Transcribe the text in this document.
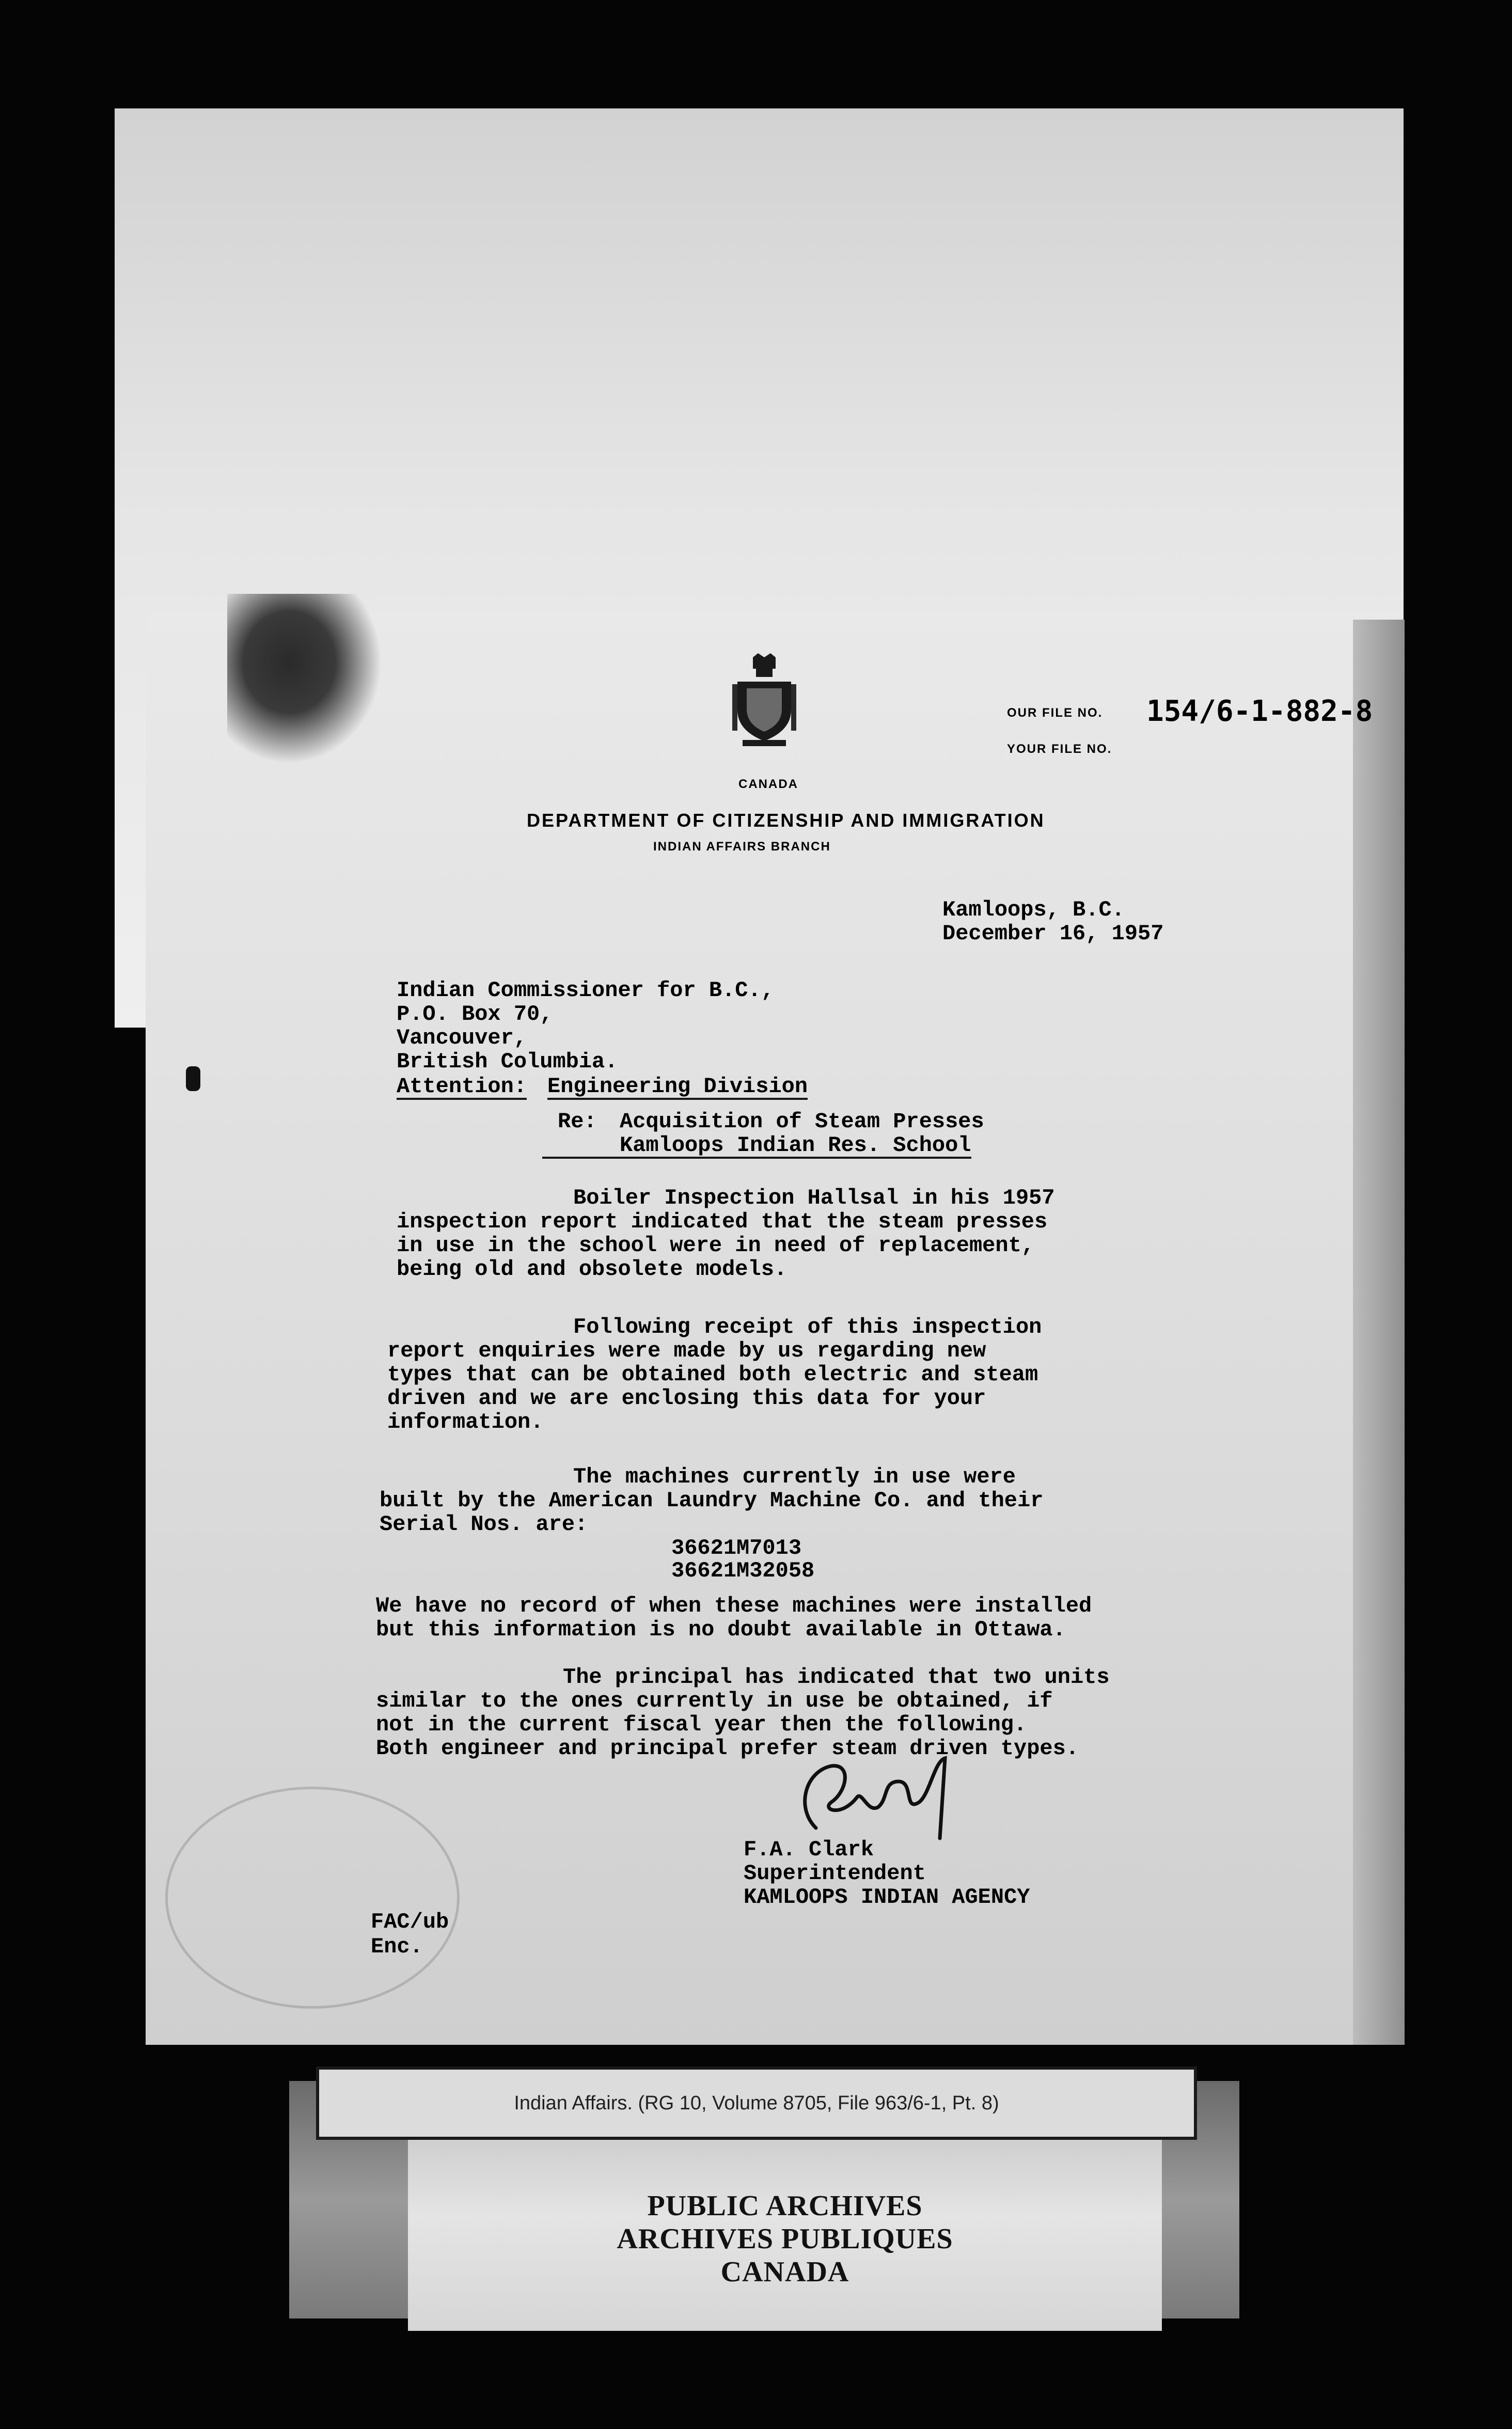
CANADA
DEPARTMENT OF CITIZENSHIP AND IMMIGRATION
INDIAN AFFAIRS BRANCH
OUR FILE NO. 154/6-1-882-8
YOUR FILE NO.
Kamloops, B.C.
December 16, 1957
Indian Commissioner for B.C.,
P.O. Box 70,
Vancouver,
British Columbia.
Attention: Engineering Division
Re: Acquisition of Steam Presses
Kamloops Indian Res. School
Boiler Inspection Hallsal in his 1957
inspection report indicated that the steam presses
in use in the school were in need of replacement,
being old and obsolete models.
Following receipt of this inspection
report enquiries were made by us regarding new
types that can be obtained both electric and steam
driven and we are enclosing this data for your
information.
The machines currently in use were
built by the American Laundry Machine Co. and their
Serial Nos. are:
36621M7013
36621M32058
We have no record of when these machines were installed
but this information is no doubt available in Ottawa.
The principal has indicated that two units
similar to the ones currently in use be obtained, if
not in the current fiscal year then the following.
Both engineer and principal prefer steam driven types.
F.A. Clark
Superintendent
KAMLOOPS INDIAN AGENCY
FAC/ub
Enc.
PUBLIC ARCHIVES
ARCHIVES PUBLIQUES
CANADA
Indian Affairs. (RG 10, Volume 8705, File 963/6-1, Pt. 8)
